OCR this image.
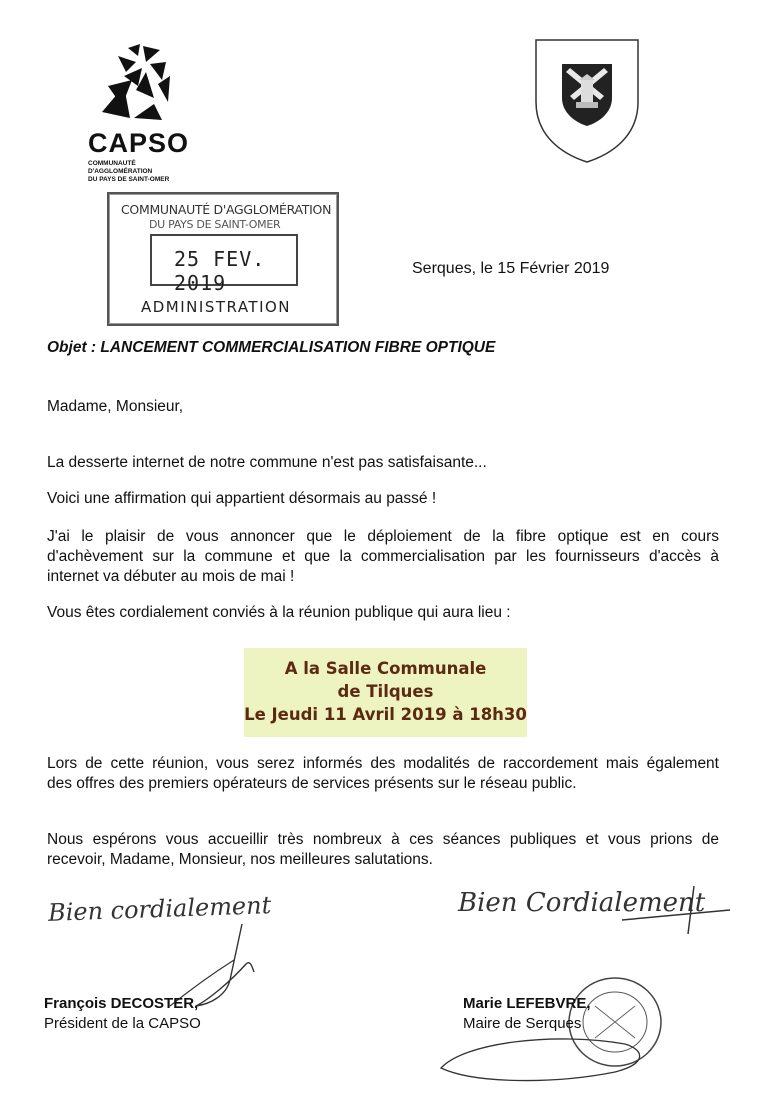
CAPSO
COMMUNAUTÉ D'AGGLOMÉRATION
DU PAYS DE SAINT-OMER
COMMUNAUTÉ D'AGGLOMÉRATION
DU PAYS DE SAINT-OMER
25 FEV. 2019
ADMINISTRATION
Serques, le 15 Février 2019
Objet : LANCEMENT COMMERCIALISATION FIBRE OPTIQUE
Madame, Monsieur,
La desserte internet de notre commune n'est pas satisfaisante...
Voici une affirmation qui appartient désormais au passé !
J'ai le plaisir de vous annoncer que le déploiement de la fibre optique est en cours
d'achèvement sur la commune et que la commercialisation par les fournisseurs d'accès à
internet va débuter au mois de mai !
Vous êtes cordialement conviés à la réunion publique qui aura lieu :
A la Salle Communale
de Tilques
Le Jeudi 11 Avril 2019 à 18h30
Lors de cette réunion, vous serez informés des modalités de raccordement mais également
des offres des premiers opérateurs de services présents sur le réseau public.
Nous espérons vous accueillir très nombreux à ces séances publiques et vous prions de
recevoir, Madame, Monsieur, nos meilleures salutations.
Bien cordialement
François DECOSTER,
Président de la CAPSO
Bien Cordialement
Marie LEFEBVRE,
Maire de Serques
